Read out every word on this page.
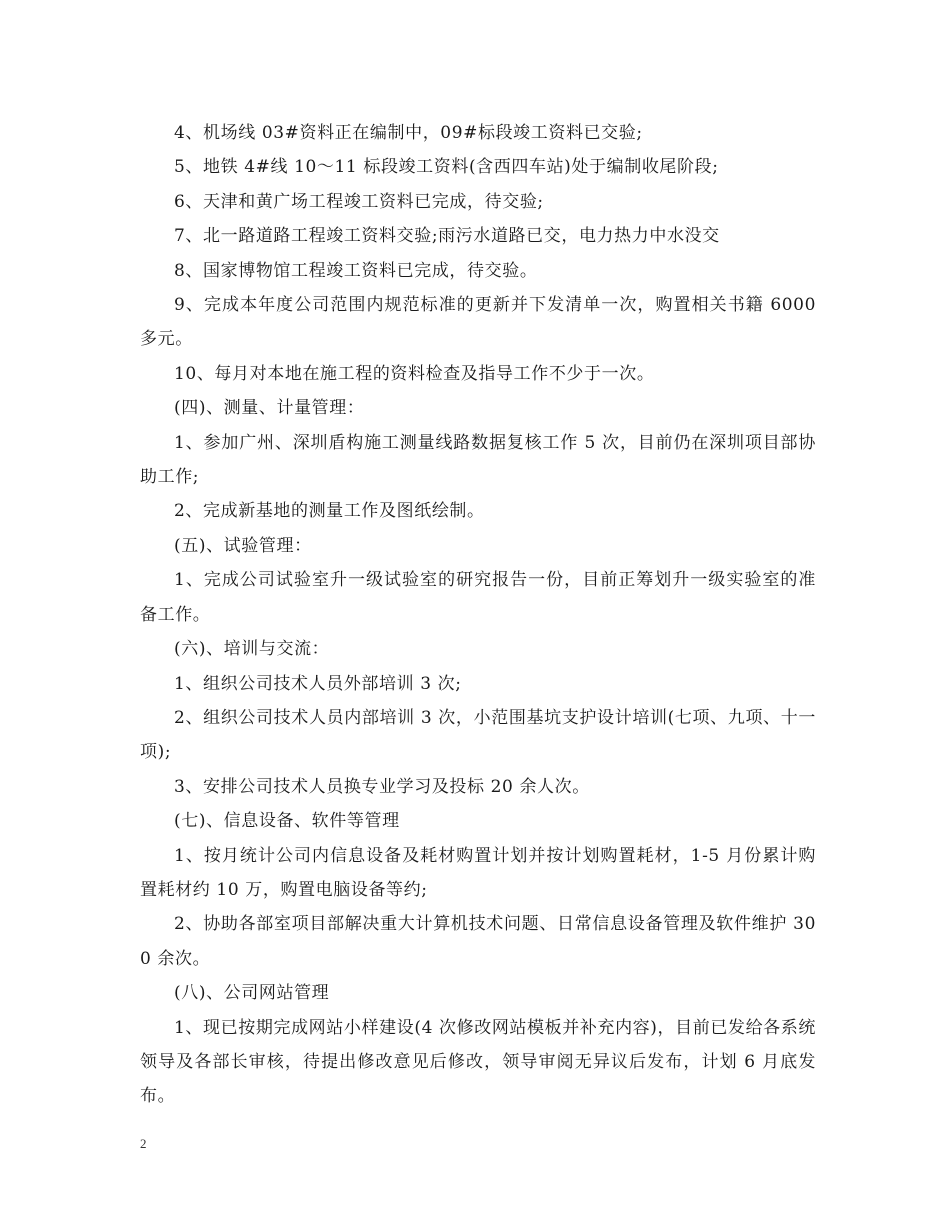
4、机场线 03#资料正在编制中，09#标段竣工资料已交验;

5、地铁 4#线 10～11 标段竣工资料(含西四车站)处于编制收尾阶段;

6、天津和黄广场工程竣工资料已完成，待交验;

7、北一路道路工程竣工资料交验;雨污水道路已交，电力热力中水没交

8、国家博物馆工程竣工资料已完成，待交验。

9、完成本年度公司范围内规范标准的更新并下发清单一次，购置相关书籍 6000 多元。

10、每月对本地在施工程的资料检查及指导工作不少于一次。

(四)、测量、计量管理：

1、参加广州、深圳盾构施工测量线路数据复核工作 5 次，目前仍在深圳项目部协助工作;

2、完成新基地的测量工作及图纸绘制。

(五)、试验管理：

1、完成公司试验室升一级试验室的研究报告一份，目前正筹划升一级实验室的准备工作。

(六)、培训与交流：

1、组织公司技术人员外部培训 3 次;

2、组织公司技术人员内部培训 3 次，小范围基坑支护设计培训(七项、九项、十一项);

3、安排公司技术人员换专业学习及投标 20 余人次。

(七)、信息设备、软件等管理

1、按月统计公司内信息设备及耗材购置计划并按计划购置耗材，1-5 月份累计购置耗材约 10 万，购置电脑设备等约;

2、协助各部室项目部解决重大计算机技术问题、日常信息设备管理及软件维护 300 余次。

(八)、公司网站管理

1、现已按期完成网站小样建设(4 次修改网站模板并补充内容)，目前已发给各系统领导及各部长审核，待提出修改意见后修改，领导审阅无异议后发布，计划 6 月底发布。

2
